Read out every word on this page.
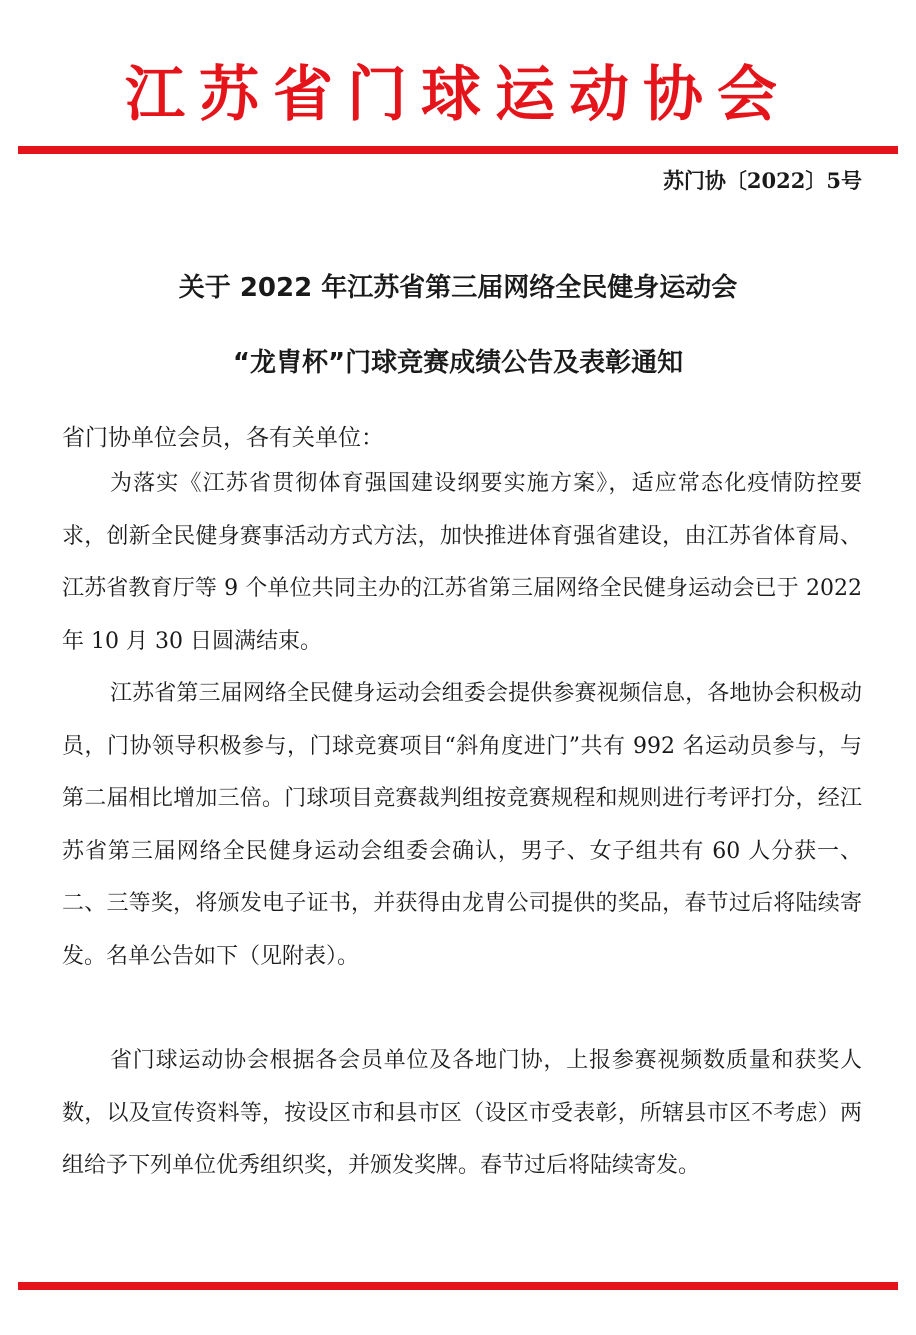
江苏省门球运动协会
苏门协〔2022〕5号
关于 2022 年江苏省第三届网络全民健身运动会
“龙胄杯”门球竞赛成绩公告及表彰通知
省门协单位会员，各有关单位：

为落实《江苏省贯彻体育强国建设纲要实施方案》，适应常态化疫情防控要求，创新全民健身赛事活动方式方法，加快推进体育强省建设，由江苏省体育局、江苏省教育厅等 9 个单位共同主办的江苏省第三届网络全民健身运动会已于 2022 年 10 月 30 日圆满结束。

江苏省第三届网络全民健身运动会组委会提供参赛视频信息，各地协会积极动员，门协领导积极参与，门球竞赛项目“斜角度进门”共有 992 名运动员参与，与第二届相比增加三倍。门球项目竞赛裁判组按竞赛规程和规则进行考评打分，经江苏省第三届网络全民健身运动会组委会确认，男子、女子组共有 60 人分获一、二、三等奖，将颁发电子证书，并获得由龙胄公司提供的奖品，春节过后将陆续寄发。名单公告如下（见附表）。

省门球运动协会根据各会员单位及各地门协，上报参赛视频数质量和获奖人数，以及宣传资料等，按设区市和县市区（设区市受表彰，所辖县市区不考虑）两组给予下列单位优秀组织奖，并颁发奖牌。春节过后将陆续寄发。
